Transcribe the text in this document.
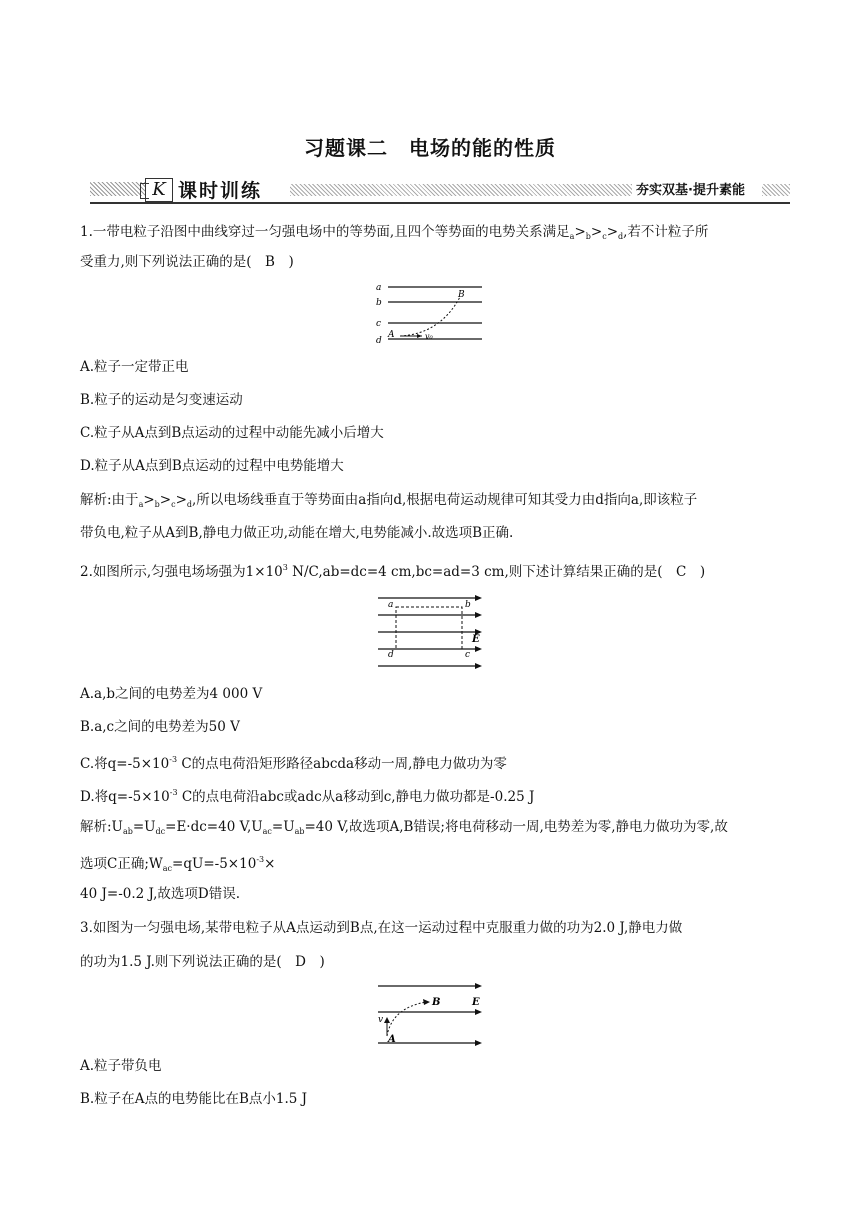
习题课二　电场的能的性质
K 课时训练	夯实双基·提升素能
1.一带电粒子沿图中曲线穿过一匀强电场中的等势面,且四个等势面的电势关系满足$_a>_b>_c>_d$,若不计粒子所
受重力,则下列说法正确的是(　B　)
a
b
c
d
A
B
v₀
A.粒子一定带正电
B.粒子的运动是匀变速运动
C.粒子从A点到B点运动的过程中动能先减小后增大
D.粒子从A点到B点运动的过程中电势能增大
解析:由于$_a>_b>_c>_d$,所以电场线垂直于等势面由a指向d,根据电荷运动规律可知其受力由d指向a,即该粒子
带负电,粒子从A到B,静电力做正功,动能在增大,电势能减小.故选项B正确.
2.如图所示,匀强电场场强为$1\times 10^3$ N/C,ab=dc=4 cm,bc=ad=3 cm,则下述计算结果正确的是(　C　)
a	b
c
d
E
A.a,b之间的电势差为4 000 V
B.a,c之间的电势差为50 V
C.将$q=-5\times 10^{-3}$ C的点电荷沿矩形路径abcda移动一周,静电力做功为零
D.将$q=-5\times 10^{-3}$ C的点电荷沿abc或adc从a移动到c,静电力做功都是-0.25 J
解析$:U_{ab}=U_{dc}=E\cdot dc=40$ $V,U_{ac}=U_{ab}=40$ V,故选项A,B错误;将电荷移动一周,电势差为零,静电力做功为零,故
选项C正确$;W_{ac}=qU=-5\times 10^{-3}\times$
40 J=-0.2 J,故选项D错误.
3.如图为一匀强电场,某带电粒子从A点运动到B点,在这一运动过程中克服重力做的功为2.0 J,静电力做
的功为1.5 J.则下列说法正确的是(　D　)
B	E
A
v
A.粒子带负电
B.粒子在A点的电势能比在B点小1.5 J
